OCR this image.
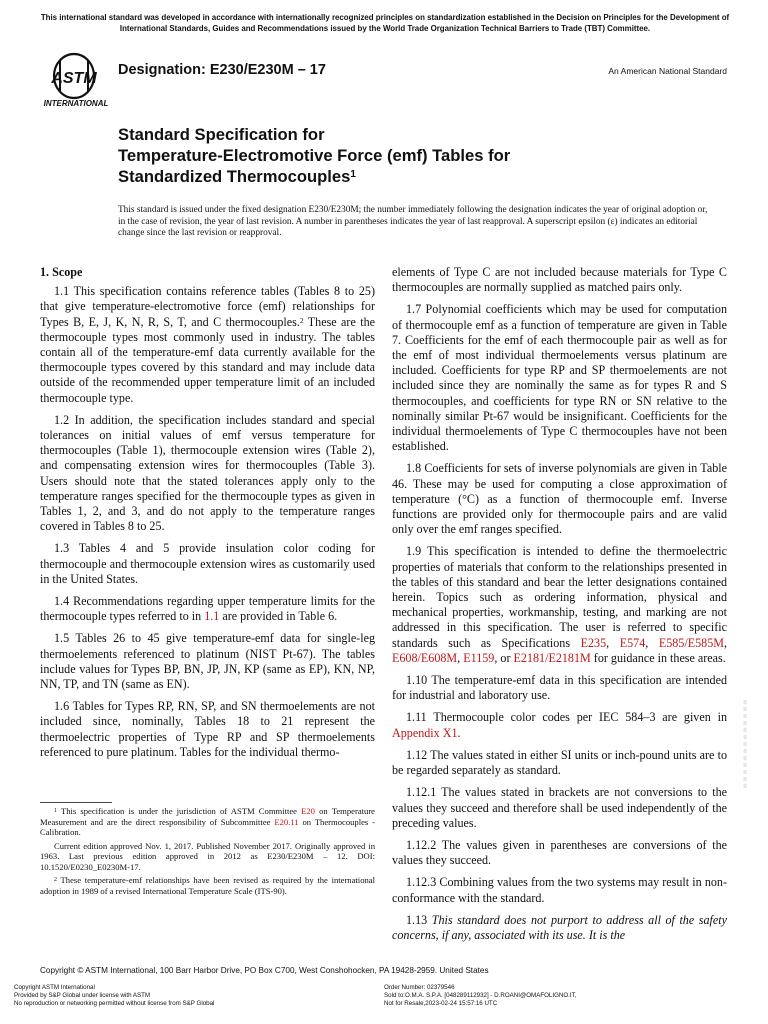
This international standard was developed in accordance with internationally recognized principles on standardization established in the Decision on Principles for the Development of International Standards, Guides and Recommendations issued by the World Trade Organization Technical Barriers to Trade (TBT) Committee.
ASTM
INTERNATIONAL
Designation: E230/E230M – 17	An American National Standard
Standard Specification for
Temperature-Electromotive Force (emf) Tables for
Standardized Thermocouples$^1$
This standard is issued under the fixed designation E230/E230M; the number immediately following the designation indicates the year of original adoption or, in the case of revision, the year of last revision. A number in parentheses indicates the year of last reapproval. A superscript epsilon (ε) indicates an editorial change since the last revision or reapproval.
1. Scope

1.1 This specification contains reference tables (Tables 8 to 25) that give temperature-electromotive force (emf) relationships for Types B, E, J, K, N, R, S, T, and C thermocouples.$^2$ These are the thermocouple types most commonly used in industry. The tables contain all of the temperature-emf data currently available for the thermocouple types covered by this standard and may include data outside of the recommended upper temperature limit of an included thermocouple type.

1.2 In addition, the specification includes standard and special tolerances on initial values of emf versus temperature for thermocouples (Table 1), thermocouple extension wires (Table 2), and compensating extension wires for thermocouples (Table 3). Users should note that the stated tolerances apply only to the temperature ranges specified for the thermocouple types as given in Tables 1, 2, and 3, and do not apply to the temperature ranges covered in Tables 8 to 25.

1.3 Tables 4 and 5 provide insulation color coding for thermocouple and thermocouple extension wires as customarily used in the United States.

1.4 Recommendations regarding upper temperature limits for the thermocouple types referred to in 1.1 are provided in Table 6.

1.5 Tables 26 to 45 give temperature-emf data for single-leg thermoelements referenced to platinum (NIST Pt-67). The tables include values for Types BP, BN, JP, JN, KP (same as EP), KN, NP, NN, TP, and TN (same as EN).

1.6 Tables for Types RP, RN, SP, and SN thermoelements are not included since, nominally, Tables 18 to 21 represent the thermoelectric properties of Type RP and SP thermoelements referenced to pure platinum. Tables for the individual thermo-

elements of Type C are not included because materials for Type C thermocouples are normally supplied as matched pairs only.

1.7 Polynomial coefficients which may be used for computation of thermocouple emf as a function of temperature are given in Table 7. Coefficients for the emf of each thermocouple pair as well as for the emf of most individual thermoelements versus platinum are included. Coefficients for type RP and SP thermoelements are not included since they are nominally the same as for types R and S thermocouples, and coefficients for type RN or SN relative to the nominally similar Pt-67 would be insignificant. Coefficients for the individual thermoelements of Type C thermocouples have not been established.

1.8 Coefficients for sets of inverse polynomials are given in Table 46. These may be used for computing a close approximation of temperature (°C) as a function of thermocouple emf. Inverse functions are provided only for thermocouple pairs and are valid only over the emf ranges specified.

1.9 This specification is intended to define the thermoelectric properties of materials that conform to the relationships presented in the tables of this standard and bear the letter designations contained herein. Topics such as ordering information, physical and mechanical properties, workmanship, testing, and marking are not addressed in this specification. The user is referred to specific standards such as Specifications E235, E574, E585/E585M, E608/E608M, E1159, or E2181/E2181M for guidance in these areas.

1.10 The temperature-emf data in this specification are intended for industrial and laboratory use.

1.11 Thermocouple color codes per IEC 584–3 are given in Appendix X1.

1.12 The values stated in either SI units or inch-pound units are to be regarded separately as standard.

1.12.1 The values stated in brackets are not conversions to the values they succeed and therefore shall be used independently of the preceding values.

1.12.2 The values given in parentheses are conversions of the values they succeed.

1.12.3 Combining values from the two systems may result in non-conformance with the standard.

1.13 This standard does not purport to address all of the safety concerns, if any, associated with its use. It is the

$^1$ This specification is under the jurisdiction of ASTM Committee E20 on Temperature Measurement and are the direct responsibility of Subcommittee E20.11 on Thermocouples - Calibration.

Current edition approved Nov. 1, 2017. Published November 2017. Originally approved in 1963. Last previous edition approved in 2012 as E230/E230M – 12. DOI: 10.1520/E0230_E0230M-17.

$^2$ These temperature-emf relationships have been revised as required by the international adoption in 1989 of a revised International Temperature Scale (ITS-90).

Copyright © ASTM International, 100 Barr Harbor Drive, PO Box C700, West Conshohocken, PA 19428-2959. United States
Copyright ASTM International
Provided by S&P Global under license with ASTM
No reproduction or networking permitted without license from S&P Global
Order Number: 02379546
Sold to:O.M.A. S.P.A. [048289112932] - D.ROANI@OMAFOLIGNO.IT,
Not for Resale,2023-02-24 15:57:16 UTC
